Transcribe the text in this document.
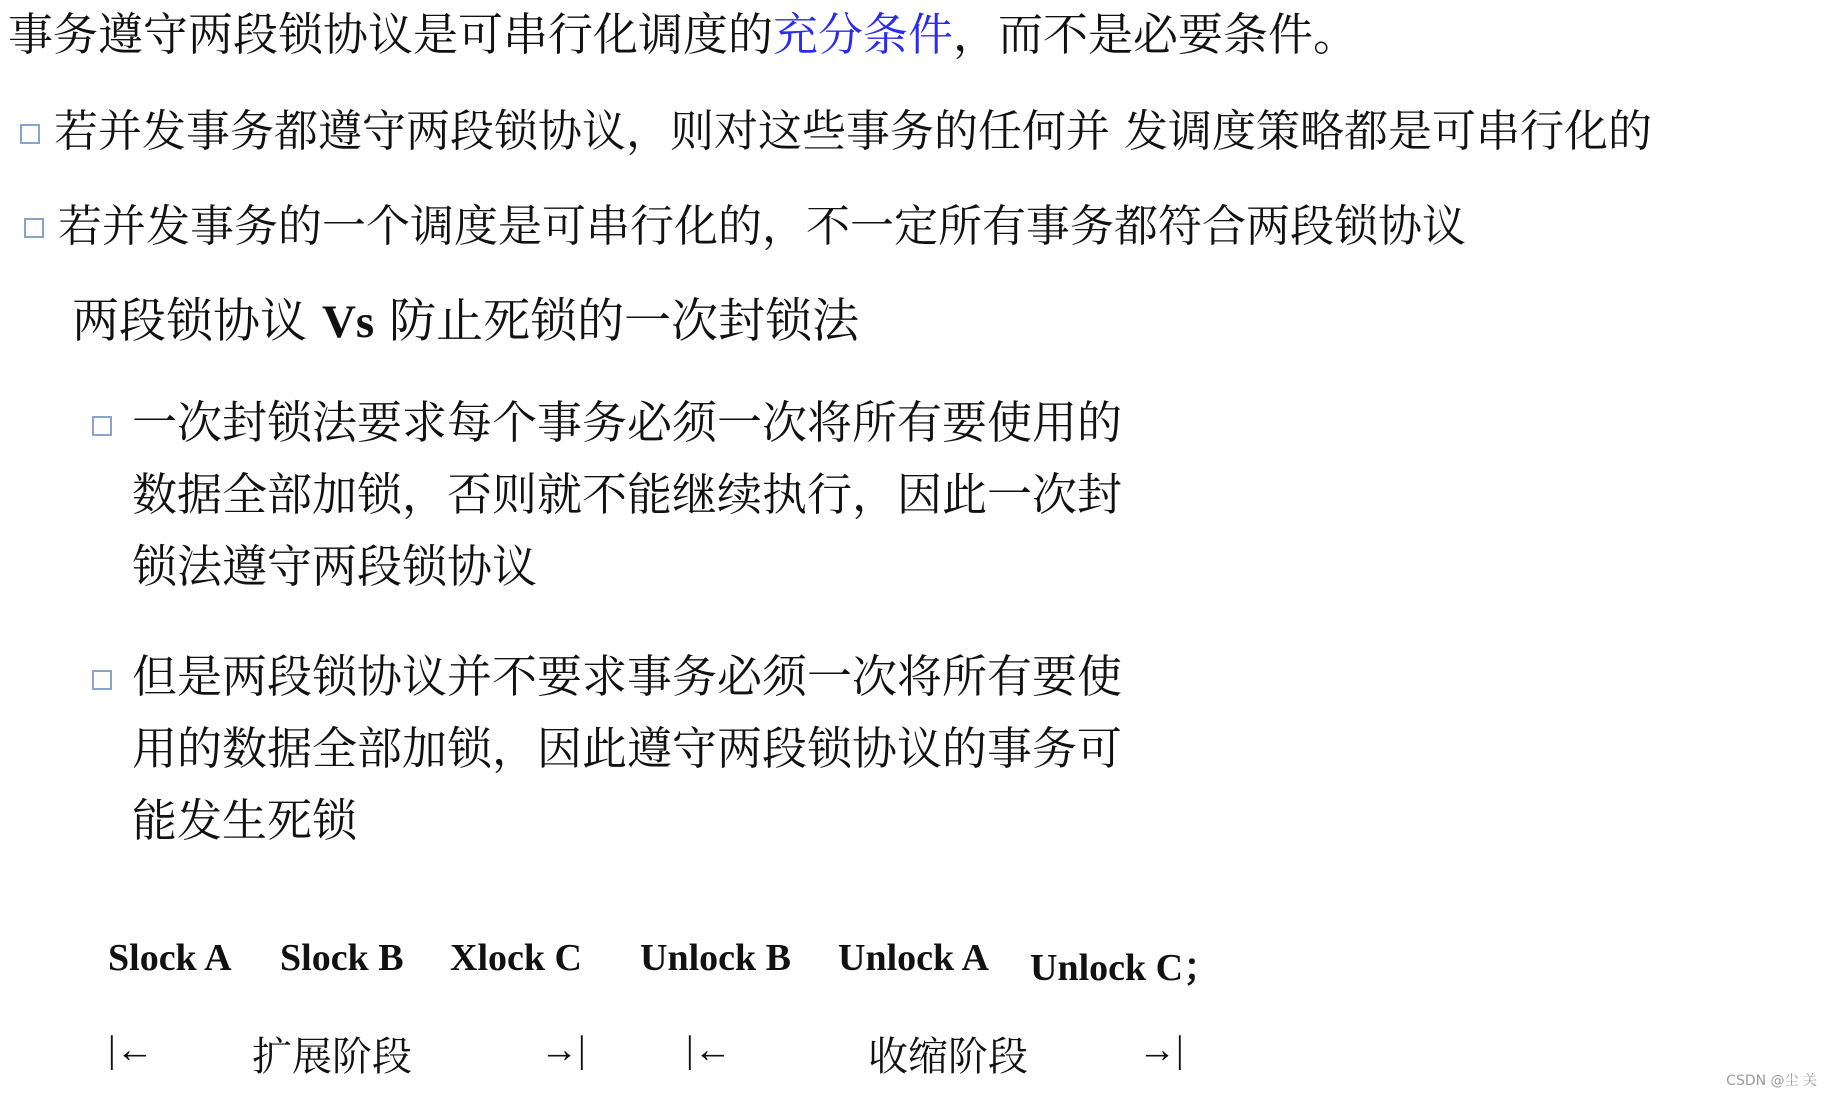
事务遵守两段锁协议是可串行化调度的充分条件，而不是必要条件。
若并发事务都遵守两段锁协议，则对这些事务的任何并 发调度策略都是可串行化的
若并发事务的一个调度是可串行化的，不一定所有事务都符合两段锁协议
两段锁协议 Vs 防止死锁的一次封锁法
一次封锁法要求每个事务必须一次将所有要使用的
数据全部加锁，否则就不能继续执行，因此一次封
锁法遵守两段锁协议
但是两段锁协议并不要求事务必须一次将所有要使
用的数据全部加锁，因此遵守两段锁协议的事务可
能发生死锁
Slock A Slock B Xlock C Unlock B Unlock A Unlock C；
|← 扩展阶段	→|	|←	收缩阶段	→|
CSDN @尘 关
